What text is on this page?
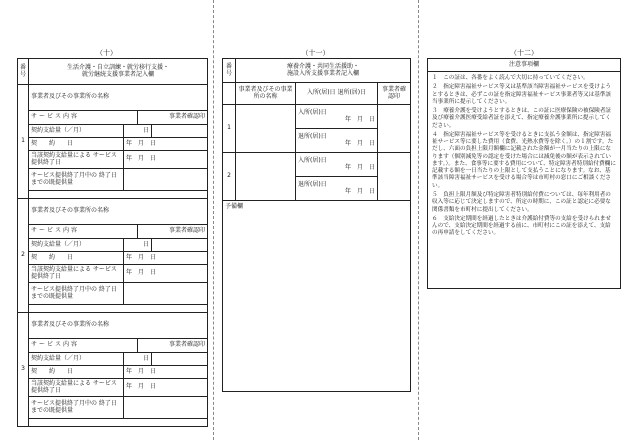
（十）
番号	生活介護・自立訓練・就労移行支援・
就労継続支援事業者記入欄			

1	事業者及びその事業所の名称			
	サービス内容		事業者確認印	
	契約支給量（／月）	日		
	契　　約　　日	年　月　日		
	当該契約支給量による サービス提供終了日	年　月　日		
	サービス提供終了月中の 終了日までの既提供量			

2	事業者及びその事業所の名称			
	サービス内容		事業者確認印	
	契約支給量（／月）	日		
	契　　約　　日	年　月　日		
	当該契約支給量による サービス提供終了日	年　月　日		
	サービス提供終了月中の 終了日までの既提供量			

3	事業者及びその事業所の名称			
	サービス内容		事業者確認印	
	契約支給量（／月）	日		
	契　　約　　日	年　月　日		
	当該契約支給量による サービス提供終了日	年　月　日		
	サービス提供終了月中の 終了日までの既提供量			

（十一）
番号	療養介護・共同生活援助・
施設入所支援事業者記入欄		

	事業者及びその事業所の名称	入所(居)日 退所(居)日	事業者確認印
1		入所(居)日
年　月　日	

		退所(居)日
年　月　日	

2		入所(居)日
年　月　日	

		退所(居)日
年　月　日	

予備欄			
（十二）
注意事項欄

１　この証は、各番をよく読んで大切に持っていてください。

２　指定障害福祉サービス等又は基準該当障害福祉サービスを受けようとするときは、必ずこの証を指定障害福祉サービス事業者等又は基準該当事業所に提示してください。

３　療養介護を受けようとするときは、この証に医療保険の被保険者証及び療養介護医療受給者証を添えて、指定療養介護事業所に提示してください。

４　指定障害福祉サービス等を受けるときに支払う金額は、指定障害福祉サービス等に要した費用（食費、光熱水費等を除く。）の１割です。ただし、六面の負担上限月額欄に記載された金額が一月当たりの上限になります（個別減免等の認定を受けた場合には減免後の額が表示されています。）。また、食事等に要する費用について、特定障害者特別給付費欄に記載する額を一日当たりの上限として支払うことになります。なお、基準該当障害福祉サービスを受ける場合等は市町村の窓口にご相談ください。

５　負担上限月額及び特定障害者特別給付費については、毎年利用者の収入等に応じて決定しますので、所定の時期に、この証と認定に必要な関係書類を市町村に提出してください。

６　支給決定期間を経過したときは介護給付費等の支給を受けられませんので、支給決定期間を経過する前に、市町村にこの証を添えて、支給の再申請をしてください。
